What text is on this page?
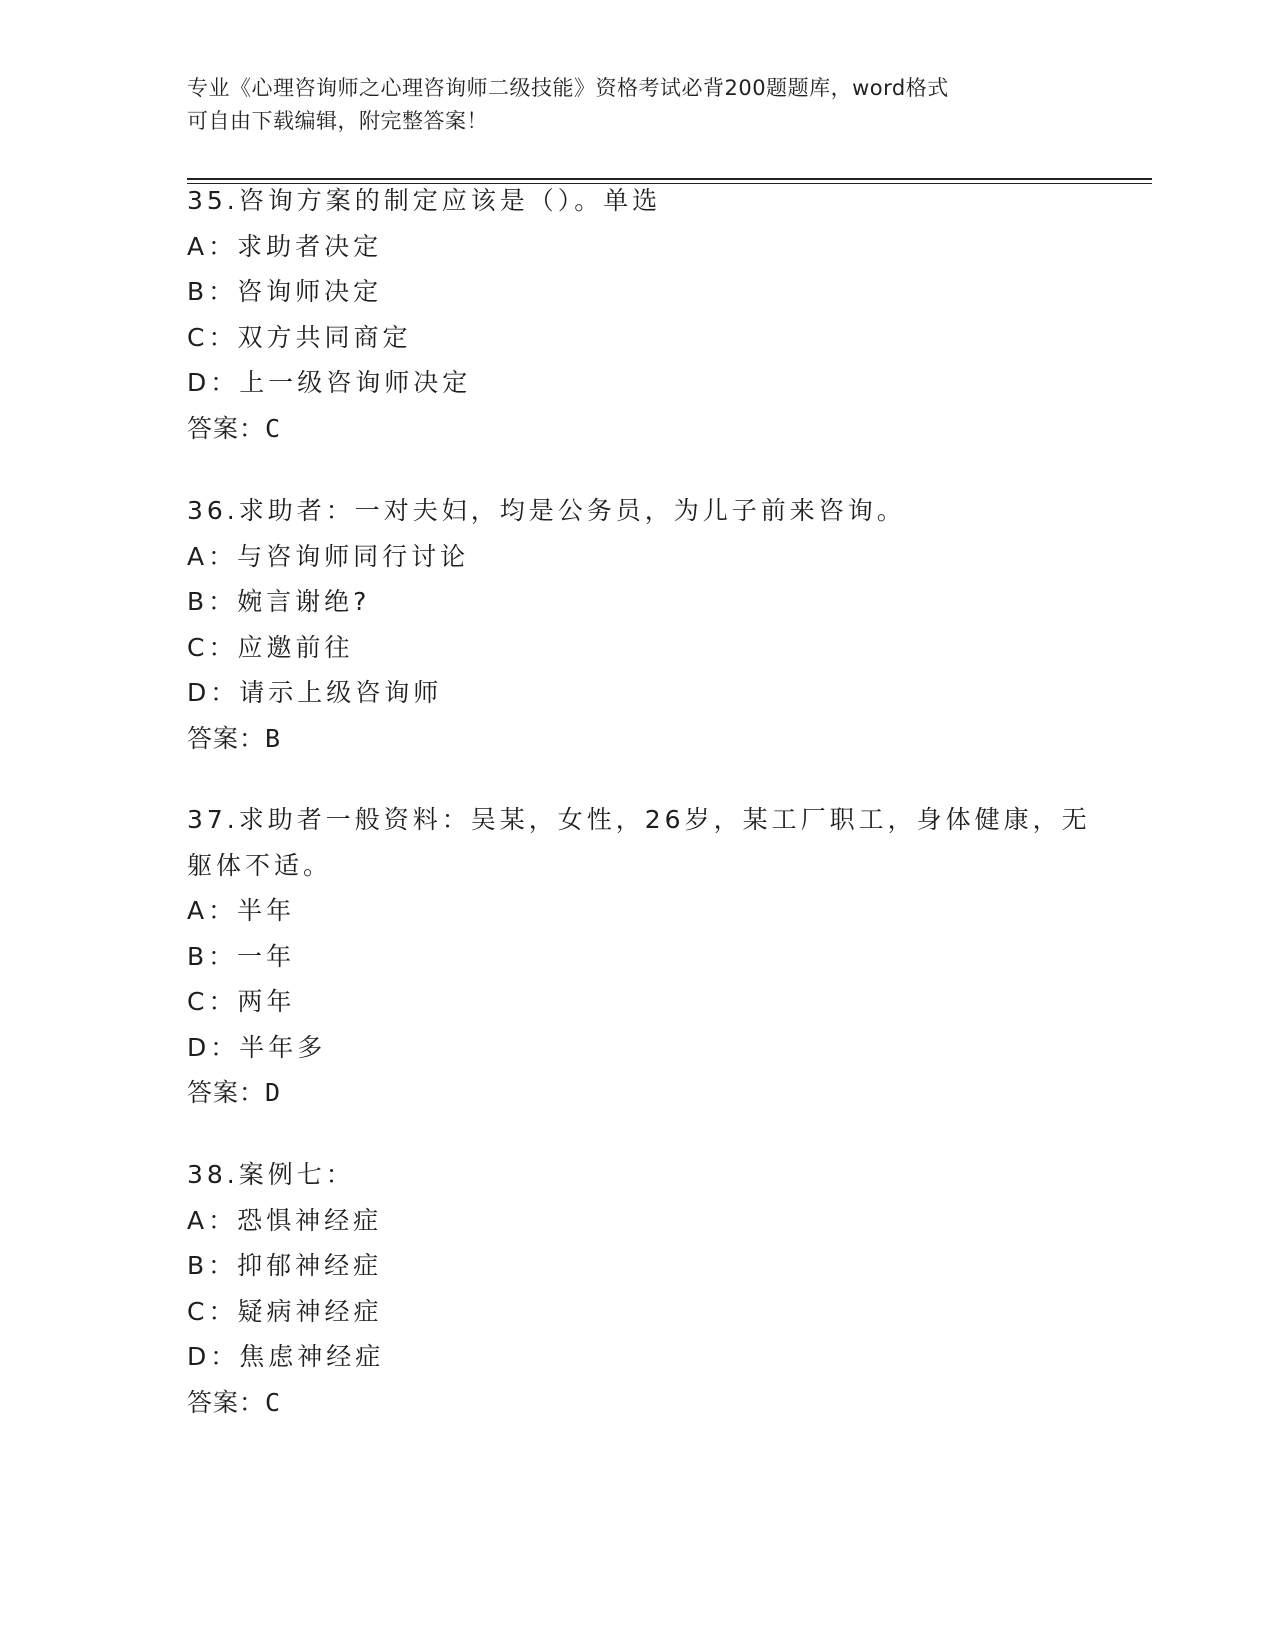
专业《心理咨询师之心理咨询师二级技能》资格考试必背200题题库，word格式
可自由下载编辑，附完整答案！
35.咨询方案的制定应该是（）。单选
A：求助者决定
B：咨询师决定
C：双方共同商定
D：上一级咨询师决定
答案：C
36.求助者：一对夫妇，均是公务员，为儿子前来咨询。
A：与咨询师同行讨论
B：婉言谢绝?
C：应邀前往
D：请示上级咨询师
答案：B
37.求助者一般资料：吴某，女性，26岁，某工厂职工，身体健康，无
躯体不适。
A：半年
B：一年
C：两年
D：半年多
答案：D
38.案例七：
A：恐惧神经症
B：抑郁神经症
C：疑病神经症
D：焦虑神经症
答案：C
